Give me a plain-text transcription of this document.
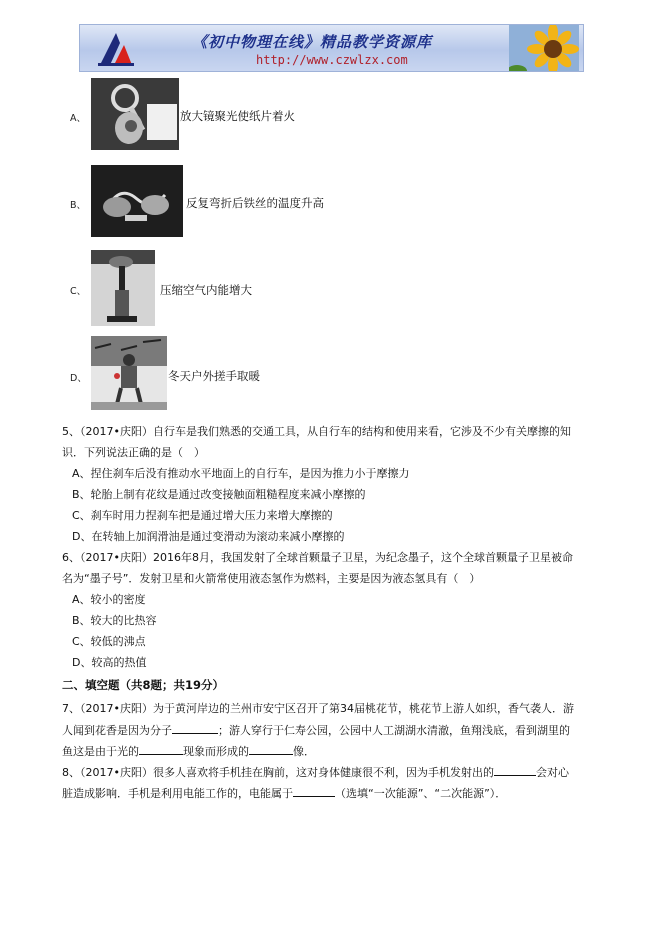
《初中物理在线》精品教学资源库
http://www.czwlzx.com
A、	放大镜聚光使纸片着火
B、	反复弯折后铁丝的温度升高
C、	压缩空气内能增大
D、	冬天户外搓手取暖
5、（2017•庆阳）自行车是我们熟悉的交通工具，从自行车的结构和使用来看，它涉及不少有关摩擦的知
识．下列说法正确的是（　）
A、捏住刹车后没有推动水平地面上的自行车，是因为推力小于摩擦力
B、轮胎上制有花纹是通过改变接触面粗糙程度来减小摩擦的
C、刹车时用力捏刹车把是通过增大压力来增大摩擦的
D、在转轴上加润滑油是通过变滑动为滚动来减小摩擦的
6、（2017•庆阳）2016年8月，我国发射了全球首颗量子卫星，为纪念墨子，这个全球首颗量子卫星被命
名为“墨子号”．发射卫星和火箭常使用液态氢作为燃料，主要是因为液态氢具有（　）
A、较小的密度
B、较大的比热容
C、较低的沸点
D、较高的热值
二、填空题（共8题；共19分）
7、（2017•庆阳）为于黄河岸边的兰州市安宁区召开了第34届桃花节，桃花节上游人如织，香气袭人．游
人闻到花香是因为分子	；游人穿行于仁寿公园，公园中人工湖湖水清澈，鱼翔浅底，看到湖里的
鱼这是由于光的	现象而形成的	像．
8、（2017•庆阳）很多人喜欢将手机挂在胸前，这对身体健康很不利，因为手机发射出的	会对心
脏造成影响．手机是利用电能工作的，电能属于	（选填“一次能源”、“二次能源”）．
